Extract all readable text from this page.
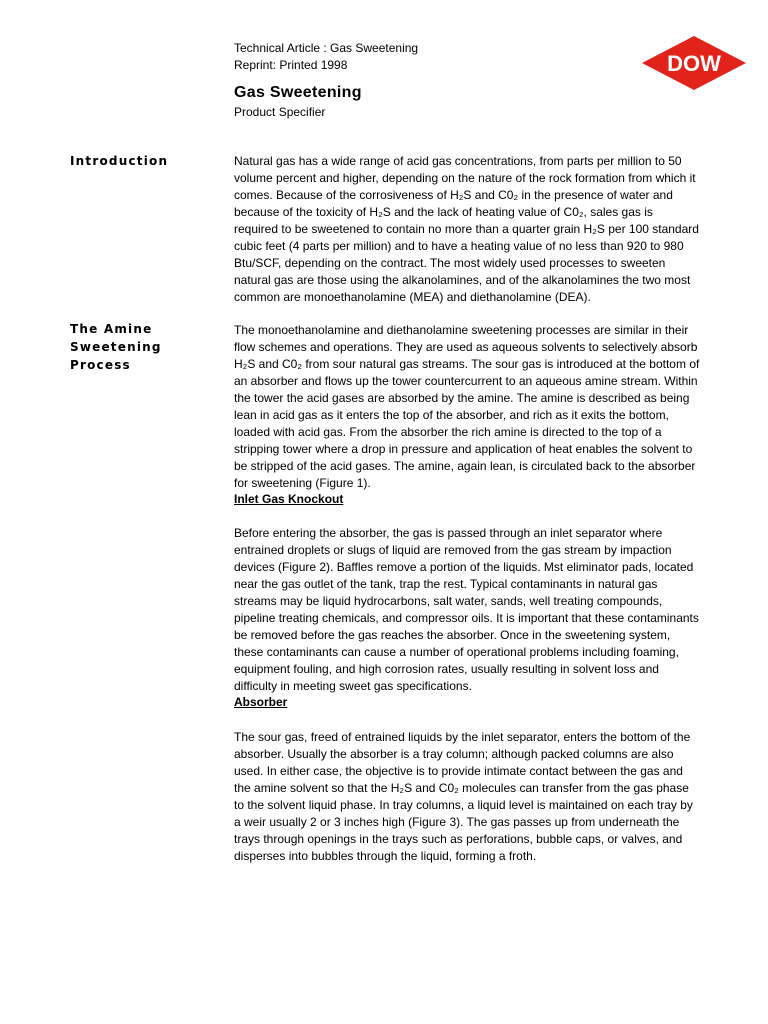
Technical Article : Gas Sweetening
Reprint: Printed 1998	DOW
Gas Sweetening
Product Specifier
Introduction	Natural gas has a wide range of acid gas concentrations, from parts per million to 50 volume percent and higher, depending on the nature of the rock formation from which it comes. Because of the corrosiveness of H₂S and C0₂ in the presence of water and because of the toxicity of H₂S and the lack of heating value of C0₂, sales gas is required to be sweetened to contain no more than a quarter grain H₂S per 100 standard cubic feet (4 parts per million) and to have a heating value of no less than 920 to 980 Btu/SCF, depending on the contract. The most widely used processes to sweeten natural gas are those using the alkanolamines, and of the alkanolamines the two most common are monoethanolamine (MEA) and diethanolamine (DEA).

The Amine
Sweetening
Process

The monoethanolamine and diethanolamine sweetening processes are similar in their flow schemes and operations. They are used as aqueous solvents to selectively absorb H₂S and C0₂ from sour natural gas streams. The sour gas is introduced at the bottom of an absorber and flows up the tower countercurrent to an aqueous amine stream. Within the tower the acid gases are absorbed by the amine. The amine is described as being lean in acid gas as it enters the top of the absorber, and rich as it exits the bottom, loaded with acid gas. From the absorber the rich amine is directed to the top of a stripping tower where a drop in pressure and application of heat enables the solvent to be stripped of the acid gases. The amine, again lean, is circulated back to the absorber for sweetening (Figure 1).

Inlet Gas Knockout

Before entering the absorber, the gas is passed through an inlet separator where entrained droplets or slugs of liquid are removed from the gas stream by impaction devices (Figure 2). Baffles remove a portion of the liquids. Mst eliminator pads, located near the gas outlet of the tank, trap the rest. Typical contaminants in natural gas streams may be liquid hydrocarbons, salt water, sands, well treating compounds, pipeline treating chemicals, and compressor oils. It is important that these contaminants be removed before the gas reaches the absorber. Once in the sweetening system, these contaminants can cause a number of operational problems including foaming, equipment fouling, and high corrosion rates, usually resulting in solvent loss and difficulty in meeting sweet gas specifications.

Absorber

The sour gas, freed of entrained liquids by the inlet separator, enters the bottom of the absorber. Usually the absorber is a tray column; although packed columns are also used. In either case, the objective is to provide intimate contact between the gas and the amine solvent so that the H₂S and C0₂ molecules can transfer from the gas phase to the solvent liquid phase. In tray columns, a liquid level is maintained on each tray by a weir usually 2 or 3 inches high (Figure 3). The gas passes up from underneath the trays through openings in the trays such as perforations, bubble caps, or valves, and disperses into bubbles through the liquid, forming a froth.
